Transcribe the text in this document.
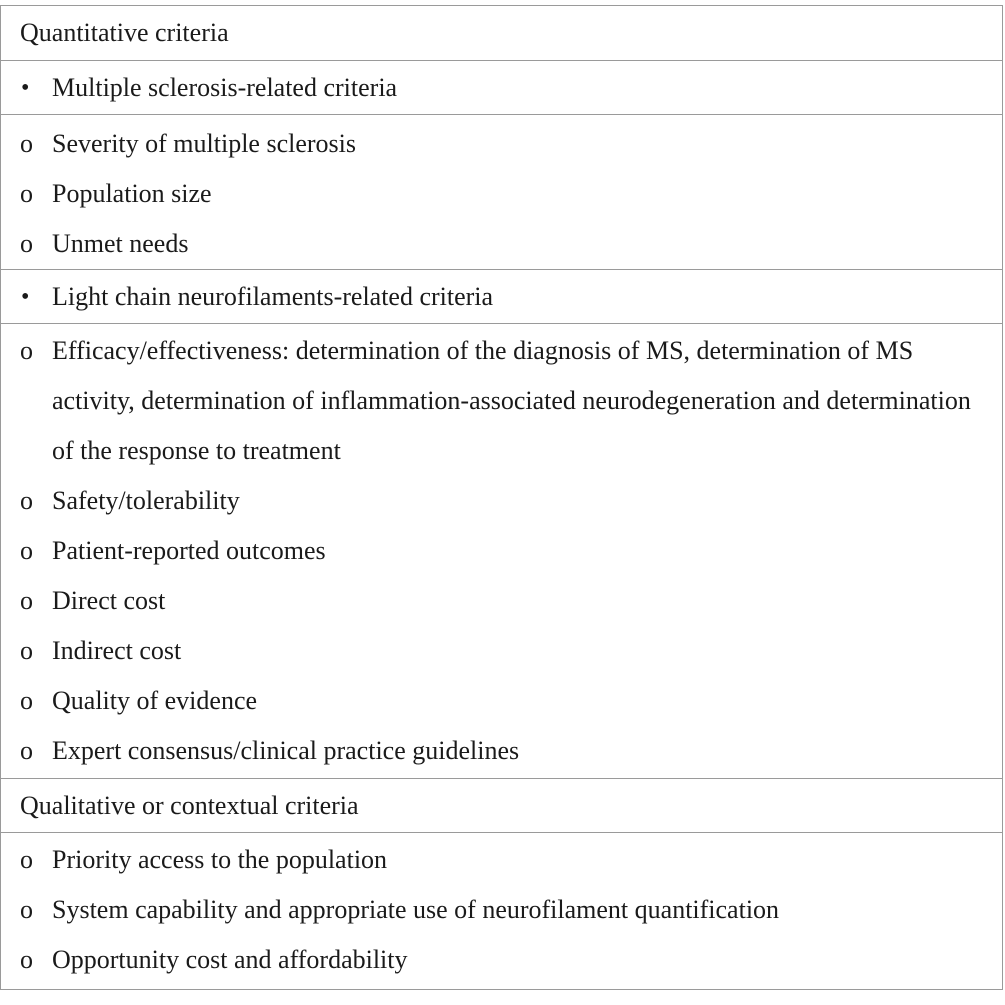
Quantitative criteria
• Multiple sclerosis-related criteria
o Severity of multiple sclerosis
o Population size
o Unmet needs
• Light chain neurofilaments-related criteria
o Efficacy/effectiveness: determination of the diagnosis of MS, determination of MS activity, determination of inflammation-associated neurodegeneration and determination of the response to treatment
o Safety/tolerability
o Patient-reported outcomes
o Direct cost
o Indirect cost
o Quality of evidence
o Expert consensus/clinical practice guidelines
Qualitative or contextual criteria
o Priority access to the population
o System capability and appropriate use of neurofilament quantification
o Opportunity cost and affordability
